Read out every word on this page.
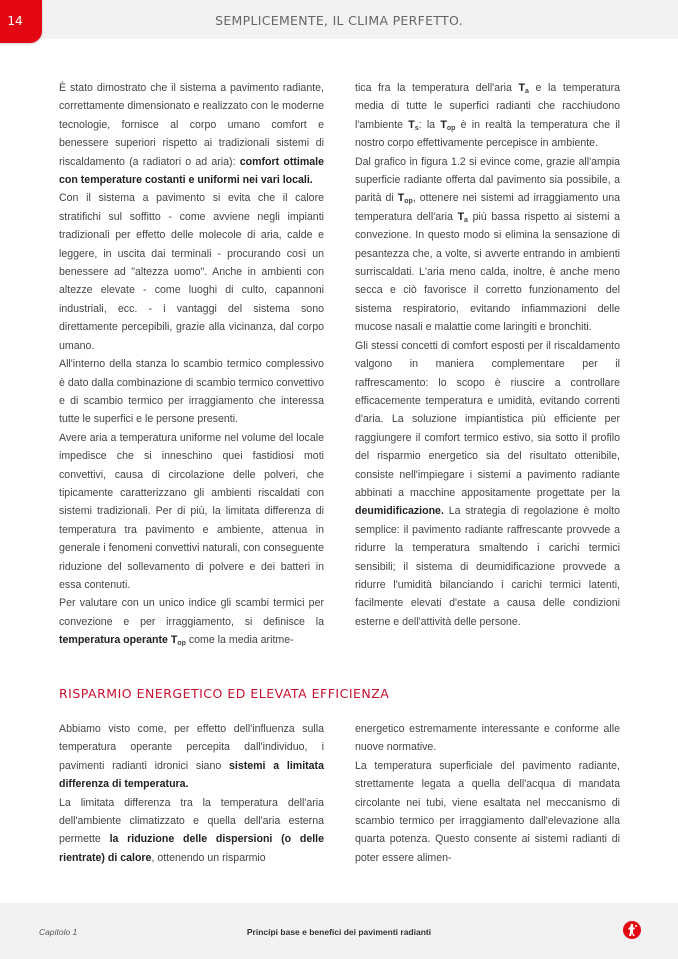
14	SEMPLICEMENTE, IL CLIMA PERFETTO.

È stato dimostrato che il sistema a pavimento radiante, correttamente dimensionato e realizzato con le moderne tecnologie, fornisce al corpo umano comfort e benessere superiori rispetto ai tradizionali sistemi di riscaldamento (a radiatori o ad aria): comfort ottimale con temperature costanti e uniformi nei vari locali.

Con il sistema a pavimento si evita che il calore stratifichi sul soffitto - come avviene negli impianti tradizionali per effetto delle molecole di aria, calde e leggere, in uscita dai terminali - procurando così un benessere ad "altezza uomo". Anche in ambienti con altezze elevate - come luoghi di culto, capannoni industriali, ecc. - i vantaggi del sistema sono direttamente percepibili, grazie alla vicinanza, dal corpo umano.

All'interno della stanza lo scambio termico complessivo è dato dalla combinazione di scambio termico convettivo e di scambio termico per irraggiamento che interessa tutte le superfici e le persone presenti.

Avere aria a temperatura uniforme nel volume del locale impedisce che si inneschino quei fastidiosi moti convettivi, causa di circolazione delle polveri, che tipicamente caratterizzano gli ambienti riscaldati con sistemi tradizionali. Per di più, la limitata differenza di temperatura tra pavimento e ambiente, attenua in generale i fenomeni convettivi naturali, con conseguente riduzione del sollevamento di polvere e dei batteri in essa contenuti.

Per valutare con un unico indice gli scambi termici per convezione e per irraggiamento, si definisce la temperatura operante $T_{op}$ come la media aritme-

tica fra la temperatura dell'aria $T_a$ e la temperatura media di tutte le superfici radianti che racchiudono l'ambiente $T_s$: la $T_{op}$ è in realtà la temperatura che il nostro corpo effettivamente percepisce in ambiente.

Dal grafico in figura 1.2 si evince come, grazie all'ampia superficie radiante offerta dal pavimento sia possibile, a parità di $T_{op}$, ottenere nei sistemi ad irraggiamento una temperatura dell'aria $T_a$ più bassa rispetto ai sistemi a convezione. In questo modo si elimina la sensazione di pesantezza che, a volte, si avverte entrando in ambienti surriscaldati. L'aria meno calda, inoltre, è anche meno secca e ciò favorisce il corretto funzionamento del sistema respiratorio, evitando infiammazioni delle mucose nasali e malattie come laringiti e bronchiti.

Gli stessi concetti di comfort esposti per il riscaldamento valgono in maniera complementare per il raffrescamento: lo scopo è riuscire a controllare efficacemente temperatura e umidità, evitando correnti d'aria. La soluzione impiantistica più efficiente per raggiungere il comfort termico estivo, sia sotto il profilo del risparmio energetico sia del risultato ottenibile, consiste nell'impiegare i sistemi a pavimento radiante abbinati a macchine appositamente progettate per la deumidificazione. La strategia di regolazione è molto semplice: il pavimento radiante raffrescante provvede a ridurre la temperatura smaltendo i carichi termici sensibili; il sistema di deumidificazione provvede a ridurre l'umidità bilanciando i carichi termici latenti, facilmente elevati d'estate a causa delle condizioni esterne e dell'attività delle persone.

RISPARMIO ENERGETICO ED ELEVATA EFFICIENZA

Abbiamo visto come, per effetto dell'influenza sulla temperatura operante percepita dall'individuo, i pavimenti radianti idronici siano sistemi a limitata differenza di temperatura.

La limitata differenza tra la temperatura dell'aria dell'ambiente climatizzato e quella dell'aria esterna permette la riduzione delle dispersioni (o delle rientrate) di calore, ottenendo un risparmio

energetico estremamente interessante e conforme alle nuove normative.

La temperatura superficiale del pavimento radiante, strettamente legata a quella dell'acqua di mandata circolante nei tubi, viene esaltata nel meccanismo di scambio termico per irraggiamento dall'elevazione alla quarta potenza. Questo consente ai sistemi radianti di poter essere alimen-

Capitolo 1	Principi base e benefici dei pavimenti radianti
